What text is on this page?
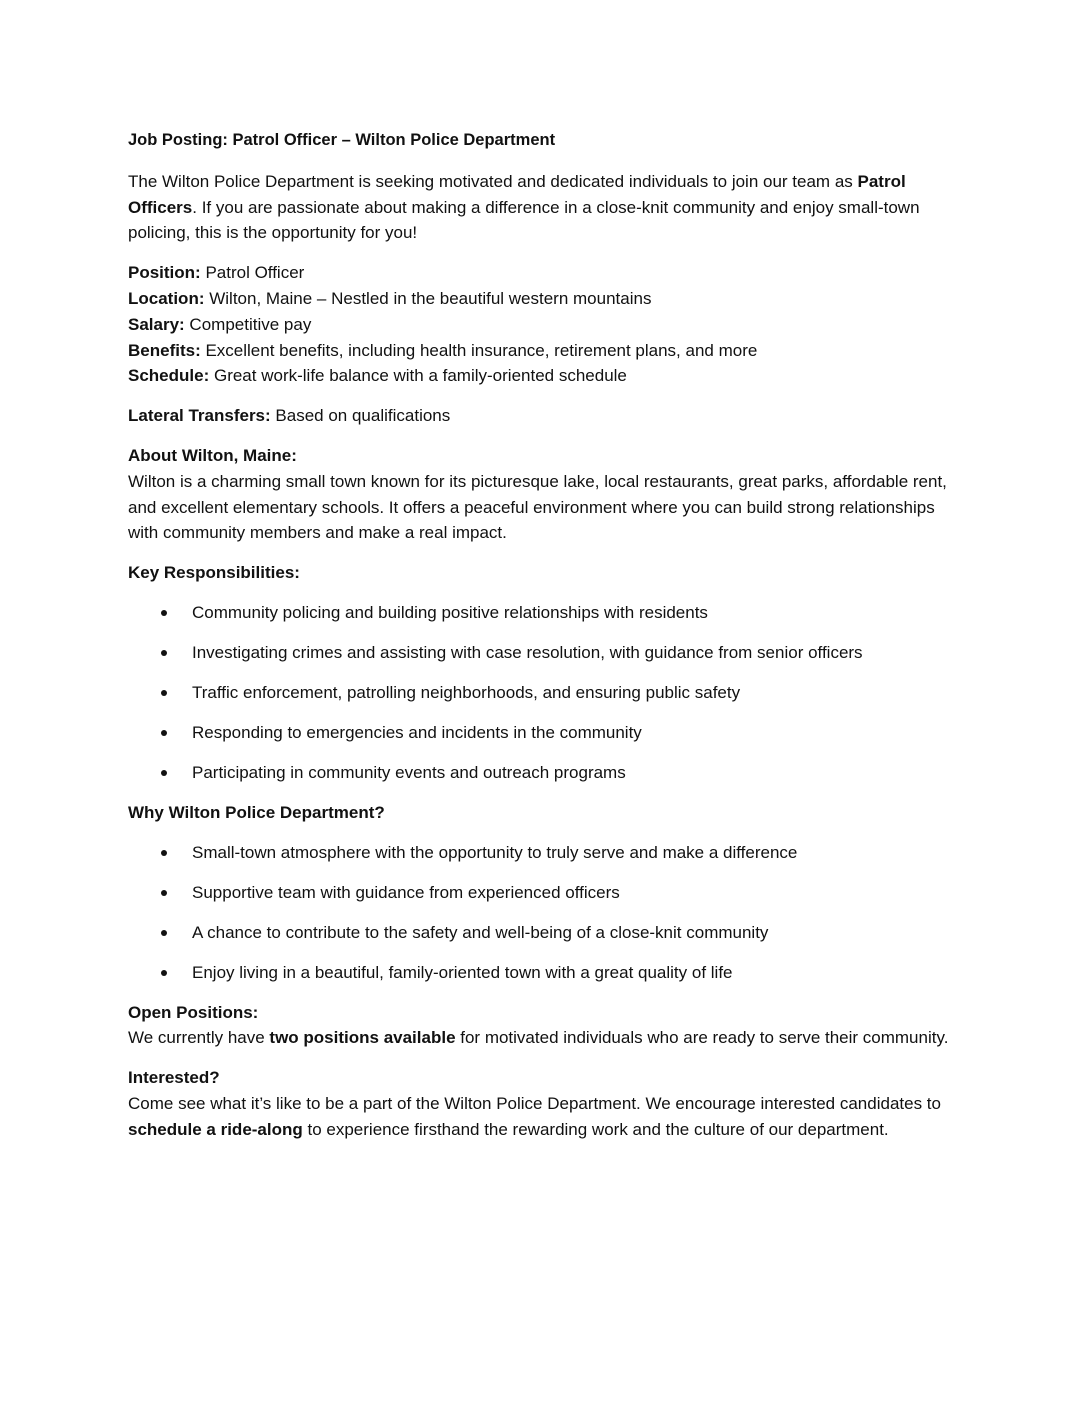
Job Posting: Patrol Officer – Wilton Police Department

The Wilton Police Department is seeking motivated and dedicated individuals to join our team as Patrol Officers. If you are passionate about making a difference in a close-knit community and enjoy small-town policing, this is the opportunity for you!

Position: Patrol Officer
Location: Wilton, Maine – Nestled in the beautiful western mountains
Salary: Competitive pay
Benefits: Excellent benefits, including health insurance, retirement plans, and more
Schedule: Great work-life balance with a family-oriented schedule

Lateral Transfers: Based on qualifications

About Wilton, Maine:

Wilton is a charming small town known for its picturesque lake, local restaurants, great parks, affordable rent, and excellent elementary schools. It offers a peaceful environment where you can build strong relationships with community members and make a real impact.

Key Responsibilities:

Community policing and building positive relationships with residents
Investigating crimes and assisting with case resolution, with guidance from senior officers
Traffic enforcement, patrolling neighborhoods, and ensuring public safety
Responding to emergencies and incidents in the community
Participating in community events and outreach programs

Why Wilton Police Department?

Small-town atmosphere with the opportunity to truly serve and make a difference
Supportive team with guidance from experienced officers
A chance to contribute to the safety and well-being of a close-knit community
Enjoy living in a beautiful, family-oriented town with a great quality of life

Open Positions:

We currently have two positions available for motivated individuals who are ready to serve their community.

Interested?

Come see what it’s like to be a part of the Wilton Police Department. We encourage interested candidates to schedule a ride-along to experience firsthand the rewarding work and the culture of our department.
